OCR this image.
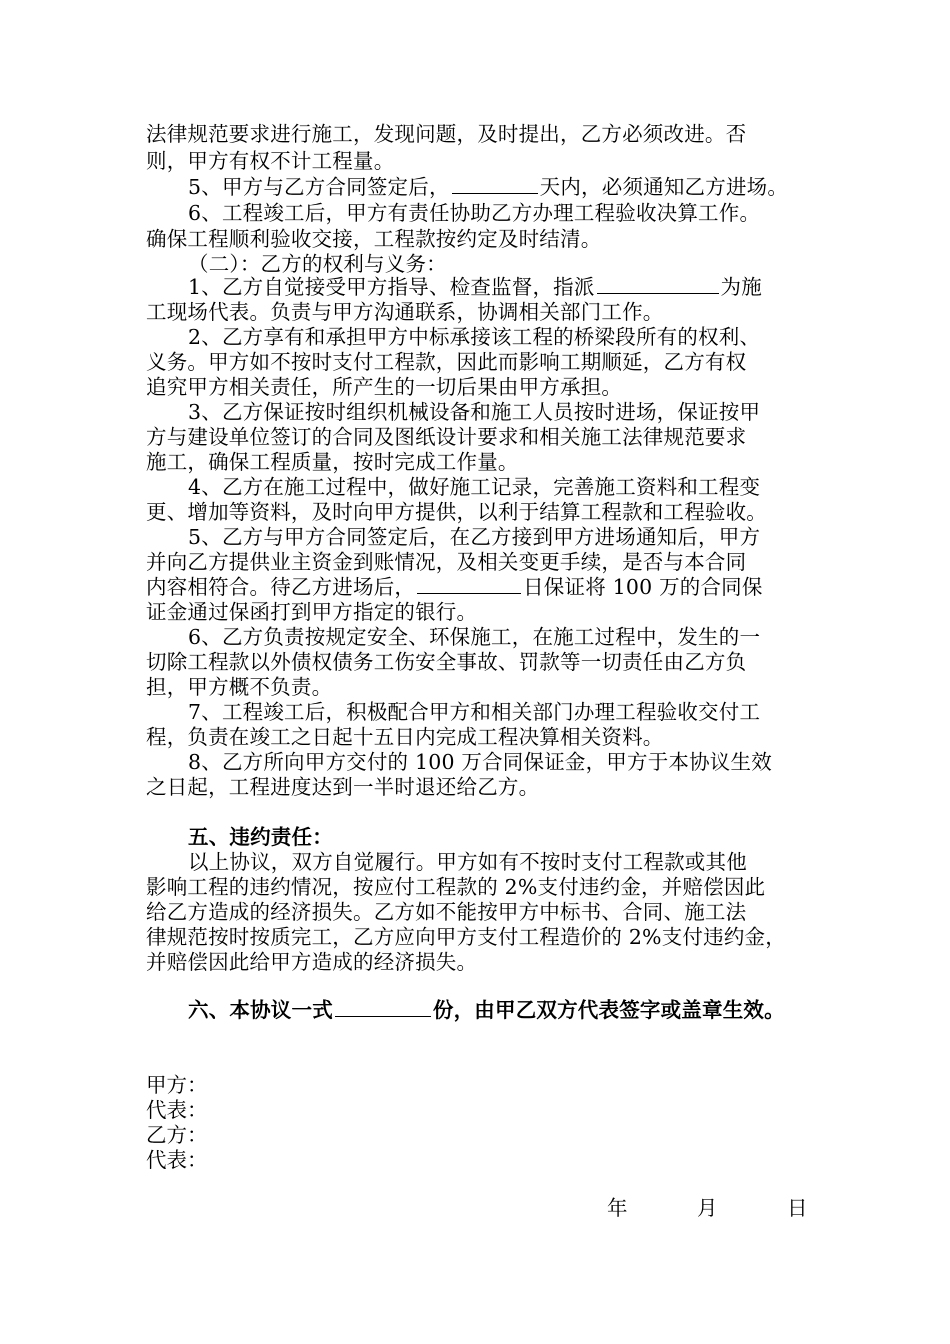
法律规范要求进行施工，发现问题，及时提出，乙方必须改进。否
则，甲方有权不计工程量。
5、甲方与乙方合同签定后，	天内，必须通知乙方进场。
6、工程竣工后，甲方有责任协助乙方办理工程验收决算工作。
确保工程顺利验收交接，工程款按约定及时结清。
（二）：乙方的权利与义务：
1、乙方自觉接受甲方指导、检查监督，指派	为施
工现场代表。负责与甲方沟通联系，协调相关部门工作。
2、乙方享有和承担甲方中标承接该工程的桥梁段所有的权利、
义务。甲方如不按时支付工程款，因此而影响工期顺延，乙方有权
追究甲方相关责任，所产生的一切后果由甲方承担。
3、乙方保证按时组织机械设备和施工人员按时进场，保证按甲
方与建设单位签订的合同及图纸设计要求和相关施工法律规范要求
施工，确保工程质量，按时完成工作量。
4、乙方在施工过程中，做好施工记录，完善施工资料和工程变
更、增加等资料，及时向甲方提供，以利于结算工程款和工程验收。
5、乙方与甲方合同签定后，在乙方接到甲方进场通知后，甲方
并向乙方提供业主资金到账情况，及相关变更手续，是否与本合同
内容相符合。待乙方进场后，	日保证将 100 万的合同保
证金通过保函打到甲方指定的银行。
6、乙方负责按规定安全、环保施工，在施工过程中，发生的一
切除工程款以外债权债务工伤安全事故、罚款等一切责任由乙方负
担，甲方概不负责。
7、工程竣工后，积极配合甲方和相关部门办理工程验收交付工
程，负责在竣工之日起十五日内完成工程决算相关资料。
8、乙方所向甲方交付的 100 万合同保证金，甲方于本协议生效
之日起，工程进度达到一半时退还给乙方。
五、违约责任：
以上协议，双方自觉履行。甲方如有不按时支付工程款或其他
影响工程的违约情况，按应付工程款的 2%支付违约金，并赔偿因此
给乙方造成的经济损失。乙方如不能按甲方中标书、合同、施工法
律规范按时按质完工，乙方应向甲方支付工程造价的 2%支付违约金，
并赔偿因此给甲方造成的经济损失。
六、本协议一式	份，由甲乙双方代表签字或盖章生效。
甲方：
代表：
乙方：
代表：
年	月	日
